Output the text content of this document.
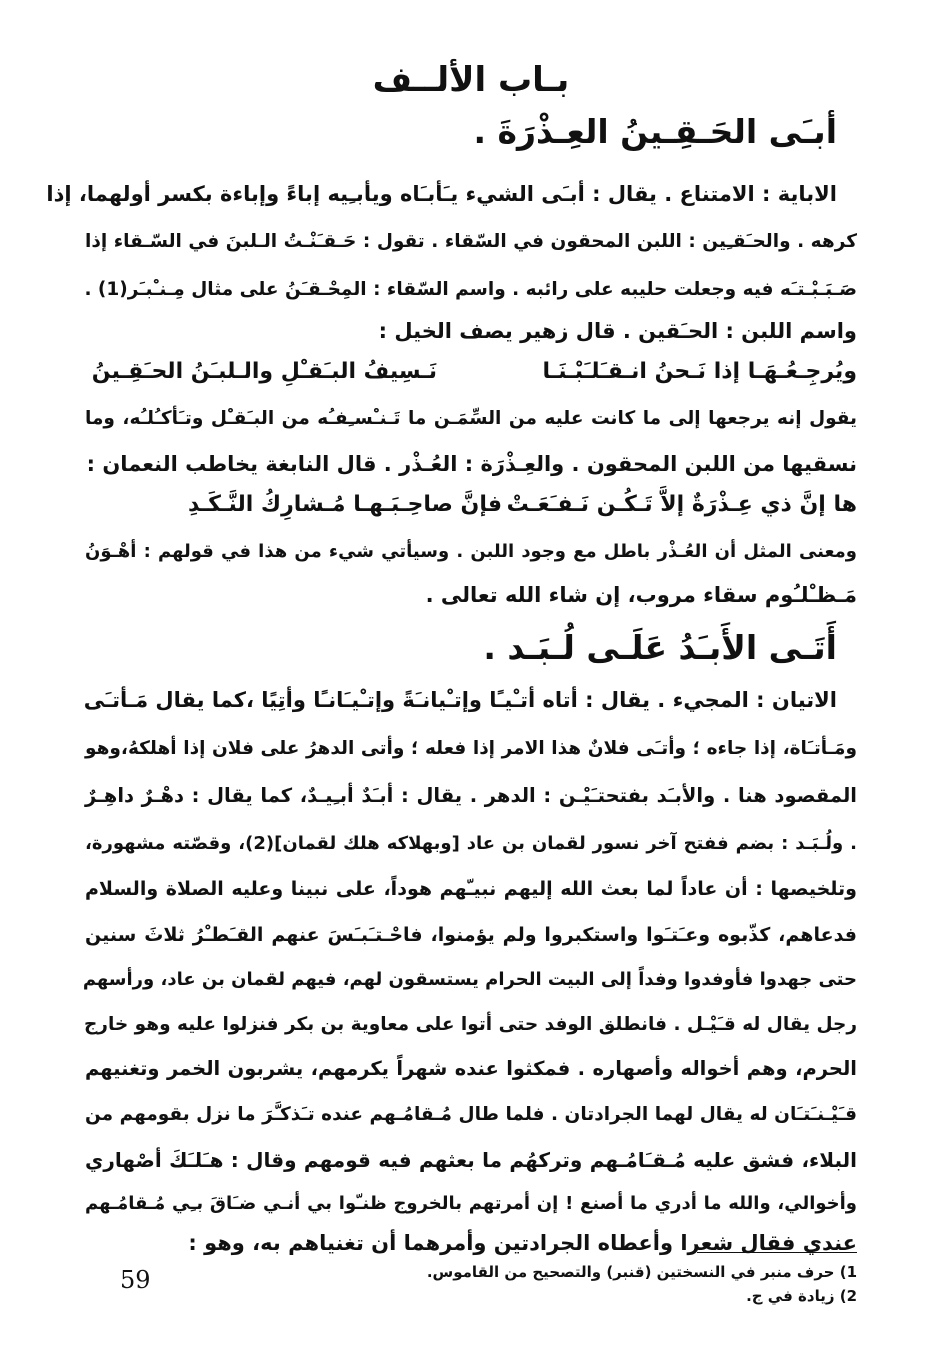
بـاب الألــف
أبـَى الحَـقِـينُ العِـذْرَةَ .
الاباية : الامتناع . يقال : أبـَى الشيء يـَأبـَاه ويأبـِيه إباءً وإباءة بكسر أولهما، إذا
كرهه . والحـَقـِين : اللبن المحقون في السّقاء . تقول : حَـقـَنْـتُ الـلبنَ في السّـقاء إذا
صَـبَـبْـتـَه فيه وجعلت حليبه على رائبه . واسم السّقاء : المِحْـقـَنُ على مثال مِـنـْبـَر(1) .
واسم اللبن : الحـَقين . قال زهير يصف الخيل :
ويُرجِـعُـهَـا إذا نَـحنُ انـقـَلـَبْـنَـا
نَـسِيفُ البـَقـْلِ والـلبـَنُ الحـَقِـينُ
يقول إنه يرجعها إلى ما كانت عليه من السِّمَـن ما تَـنـْسـِفـُه من البـَقـْل وتـَأكـُلـُه، وما
نسقيها من اللبن المحقون . والعِـذْرَة : العُـذْر . قال النابغة يخاطب النعمان :
ها إنَّ ذي عِـذْرَةٌ إلاَّ تَـكُـن نَـفـَعَـتْ
فإنَّ صاحِـبَـهـا مُـشارِكُ النَّـكَـدِ
ومعنى المثل أن العُـذْر باطل مع وجود اللبن . وسيأتي شيء من هذا في قولهم : أهْـوَنُ
مَـظـْلـُوم سقاء مروب، إن شاء الله تعالى .
أَتَـى الأَبـَدُ عَلَـى لُـبَـد .
الاتيان : المجيء . يقال : أتاه أتـْيـًا وإتـْيانـَةً وإتـْيـَانـًا وأتِيًا ،كما يقال مَـأتـَى
ومَـأتـَاة، إذا جاءه ؛ وأتـَى فلانٌ هذا الامر إذا فعله ؛ وأتى الدهرُ على فلان إذا أهلكهُ،وهو
المقصود هنا . والأبـَد بفتحتـَيْـن : الدهر . يقال : أبـَدٌ أبـِيـدٌ، كما يقال : دهْـرٌ داهِـرٌ
. ولُـبَـد : بضم ففتح آخر نسور لقمان بن عاد [وبهلاكه هلك لقمان](2)، وقصّته مشهورة،
وتلخيصها : أن عاداً لما بعث الله إليهم نبيـّهم هوداً، على نبينا وعليه الصلاة والسلام
فدعاهم، كذّبوه وعـَتـَوا واستكبروا ولم يؤمنوا، فاحْـتـَبـَسَ عنهم القـَطـْرُ ثلاثَ سنين
حتى جهدوا فأوفدوا وفداً إلى البيت الحرام يستسقون لهم، فيهم لقمان بن عاد، ورأسهم
رجل يقال له قـَيْـل . فانطلق الوفد حتى أتوا على معاوية بن بكر فنزلوا عليه وهو خارج
الحرم، وهم أخواله وأصهاره . فمكثوا عنده شهراً يكرمهم، يشربون الخمر وتغنيهم
قـَيْـنـَتـَان له يقال لهما الجرادتان . فلما طال مُـقامُـهم عنده تـَذكـَّرَ ما نزل بقومهم من
البلاء، فشق عليه مُـقـَامُـهم وتركهُم ما بعثهم فيه قومهم وقال : هـَلـَكَ أصْهاري
وأخوالي، والله ما أدري ما أصنع ! إن أمرتهم بالخروج ظنـّوا بي أنـي ضـَاقَ بـِي مُـقامُـهم
عندي فقال شعرا وأعطاه الجرادتين وأمرهما أن تغنياهم به، وهو :
1) حرف منبر في النسختين (قنبر) والتصحيح من القاموس.
2) زيادة في ج.
59
